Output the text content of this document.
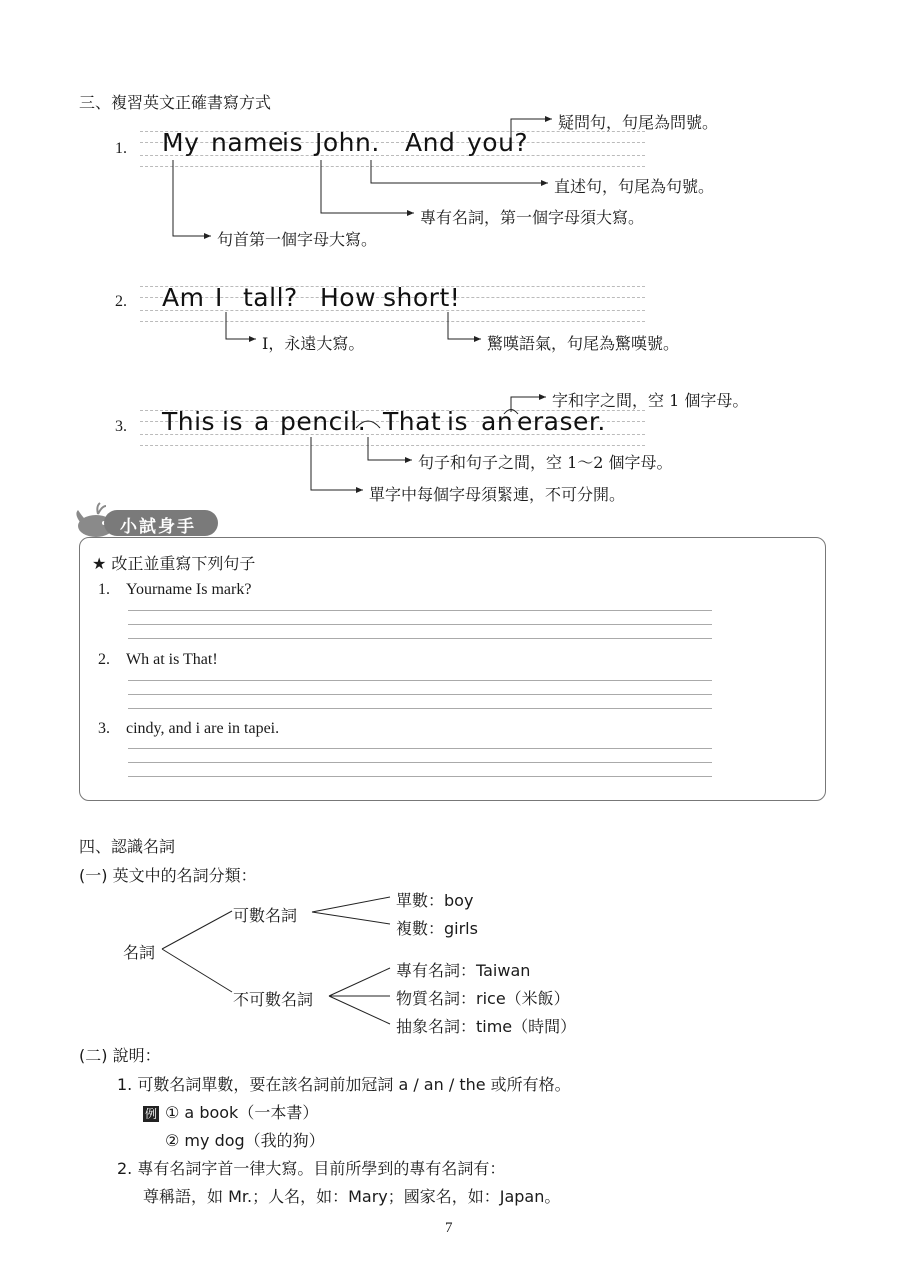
三、複習英文正確書寫方式
1. My name
is John. And you?
疑問句，句尾為問號。
直述句，句尾為句號。
專有名詞，第一個字母須大寫。
句首第一個字母大寫。
2. Am I tall? How short!
I，永遠大寫。	驚嘆語氣，句尾為驚嘆號。
3. This is a pencil. That is an eraser.
字和字之間，空 1 個字母。
句子和句子之間，空 1～2 個字母。
單字中每個字母須緊連，不可分開。
小試身手
★ 改正並重寫下列句子
1. Yourname Is mark?
2. Wh at is That!
3. cindy, and i are in tapei.
四、認識名詞
(一) 英文中的名詞分類：
名詞
可數名詞
不可數名詞
單數：boy
複數：girls
專有名詞：Taiwan
物質名詞：rice（米飯）
抽象名詞：time（時間）
(二) 說明：
1. 可數名詞單數，要在該名詞前加冠詞 a / an / the 或所有格。
例 ① a book（一本書）
② my dog（我的狗）
2. 專有名詞字首一律大寫。目前所學到的專有名詞有：
尊稱語，如 Mr.；人名，如：Mary；國家名，如：Japan。
7
